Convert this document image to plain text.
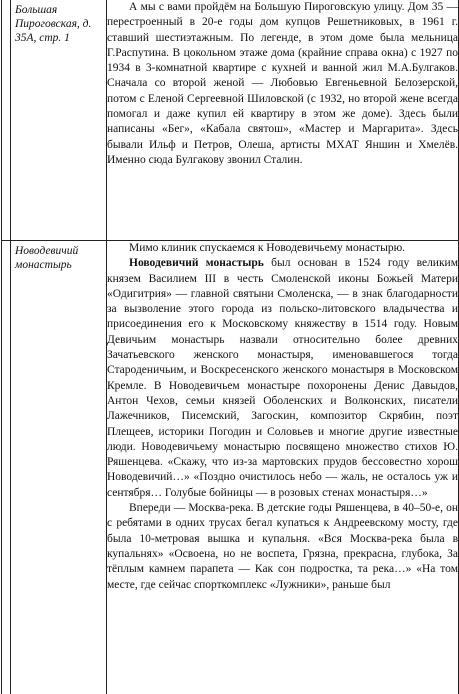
	Большая Пироговская, д. 35А, стр. 1	А мы с вами пройдём на Большую Пироговскую улицу. Дом 35 — перестроенный в 20-е годы дом купцов Решетниковых, в 1961 г. ставший шестиэтажным. По легенде, в этом доме была мельница Г.Распутина. В цокольном этаже дома (крайние справа окна) с 1927 по 1934 в 3-комнатной квартире с кухней и ванной жил М.А.Булгаков. Сначала со второй женой — Любовью Евгеньевной Белозерской, потом с Еленой Сергеевной Шиловской (с 1932, но второй жене всегда помогал и даже купил ей квартиру в этом же доме). Здесь были написаны «Бег», «Кабала святош», «Мастер и Маргарита». Здесь бывали Ильф и Петров, Олеша, артисты МХАТ Яншин и Хмелёв. Именно сюда Булгакову звонил Сталин.

	Новодевичий монастырь	Мимо клиник спускаемся к Новодевичьему монастырю.

Новодевичий монастырь был основан в 1524 году великим князем Василием III в честь Смоленской иконы Божьей Матери «Одигитрия» — главной святыни Смоленска, — в знак благодарности за вызволение этого города из польско-литовского владычества и присоединения его к Московскому княжеству в 1514 году. Новым Девичьим монастырь назвали относительно более древних Зачатьевского женского монастыря, именовавшегося тогда Староденичьим, и Воскресенского женского монастыря в Московском Кремле. В Новодевичьем монастыре похоронены Денис Давыдов, Антон Чехов, семьи князей Оболенских и Волконских, писатели Лажечников, Писемский, Загоскин, композитор Скрябин, поэт Плещеев, историки Погодин и Соловьев и многие другие известные люди. Новодевичьему монастырю посвящено множество стихов Ю. Ряшенцева. «Скажу, что из-за мартовских прудов бессовестно хорош Новодевичий…» «Поздно очистилось небо — жаль, не осталось уж и сентября… Голубые бойницы — в розовых стенах монастыря…»

Впереди — Москва-река. В детские годы Ряшенцева, в 40–50-е, он с ребятами в одних трусах бегал купаться к Андреевскому мосту, где была 10-метровая вышка и купальня. «Вся Москва-река была в купальнях» «Освоена, но не воспета, Грязна, прекрасна, глубока, За тёплым камнем парапета — Как сон подростка, та река…» «На том месте, где сейчас спорткомплекс «Лужники», раньше был
